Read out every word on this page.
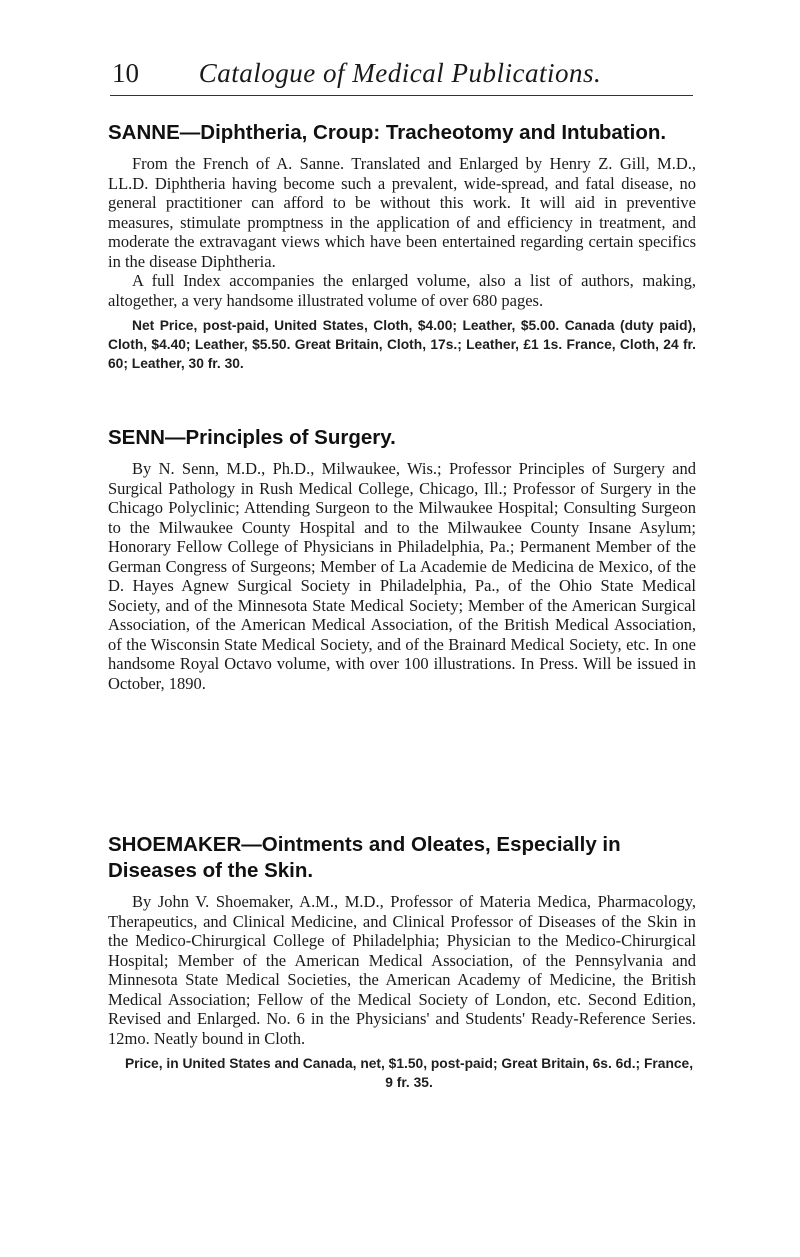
10	Catalogue of Medical Publications.
SANNE—Diphtheria, Croup: Tracheotomy and Intubation.

From the French of A. Sanne. Translated and Enlarged by Henry Z. Gill, M.D., LL.D. Diphtheria having become such a prevalent, wide-spread, and fatal disease, no general practitioner can afford to be without this work. It will aid in preventive measures, stimulate promptness in the application of and efficiency in treatment, and moderate the extravagant views which have been entertained regarding certain specifics in the disease Diphtheria.

A full Index accompanies the enlarged volume, also a list of authors, making, altogether, a very handsome illustrated volume of over 680 pages.

Net Price, post-paid, United States, Cloth, $4.00; Leather, $5.00. Canada (duty paid), Cloth, $4.40; Leather, $5.50. Great Britain, Cloth, 17s.; Leather, £1 1s. France, Cloth, 24 fr. 60; Leather, 30 fr. 30.
SENN—Principles of Surgery.

By N. Senn, M.D., Ph.D., Milwaukee, Wis.; Professor Principles of Surgery and Surgical Pathology in Rush Medical College, Chicago, Ill.; Professor of Surgery in the Chicago Polyclinic; Attending Surgeon to the Milwaukee Hospital; Consulting Surgeon to the Milwaukee County Hospital and to the Milwaukee County Insane Asylum; Honorary Fellow College of Physicians in Philadelphia, Pa.; Permanent Member of the German Congress of Surgeons; Member of La Academie de Medicina de Mexico, of the D. Hayes Agnew Surgical Society in Philadelphia, Pa., of the Ohio State Medical Society, and of the Minnesota State Medical Society; Member of the American Surgical Association, of the American Medical Association, of the British Medical Association, of the Wisconsin State Medical Society, and of the Brainard Medical Society, etc. In one handsome Royal Octavo volume, with over 100 illustrations. In Press. Will be issued in October, 1890.

SHOEMAKER—Ointments and Oleates, Especially in Diseases of the Skin.

By John V. Shoemaker, A.M., M.D., Professor of Materia Medica, Pharmacology, Therapeutics, and Clinical Medicine, and Clinical Professor of Diseases of the Skin in the Medico-Chirurgical College of Philadelphia; Physician to the Medico-Chirurgical Hospital; Member of the American Medical Association, of the Pennsylvania and Minnesota State Medical Societies, the American Academy of Medicine, the British Medical Association; Fellow of the Medical Society of London, etc. Second Edition, Revised and Enlarged. No. 6 in the Physicians' and Students' Ready-Reference Series. 12mo. Neatly bound in Cloth.

Price, in United States and Canada, net, $1.50, post-paid; Great Britain, 6s. 6d.; France, 9 fr. 35.
